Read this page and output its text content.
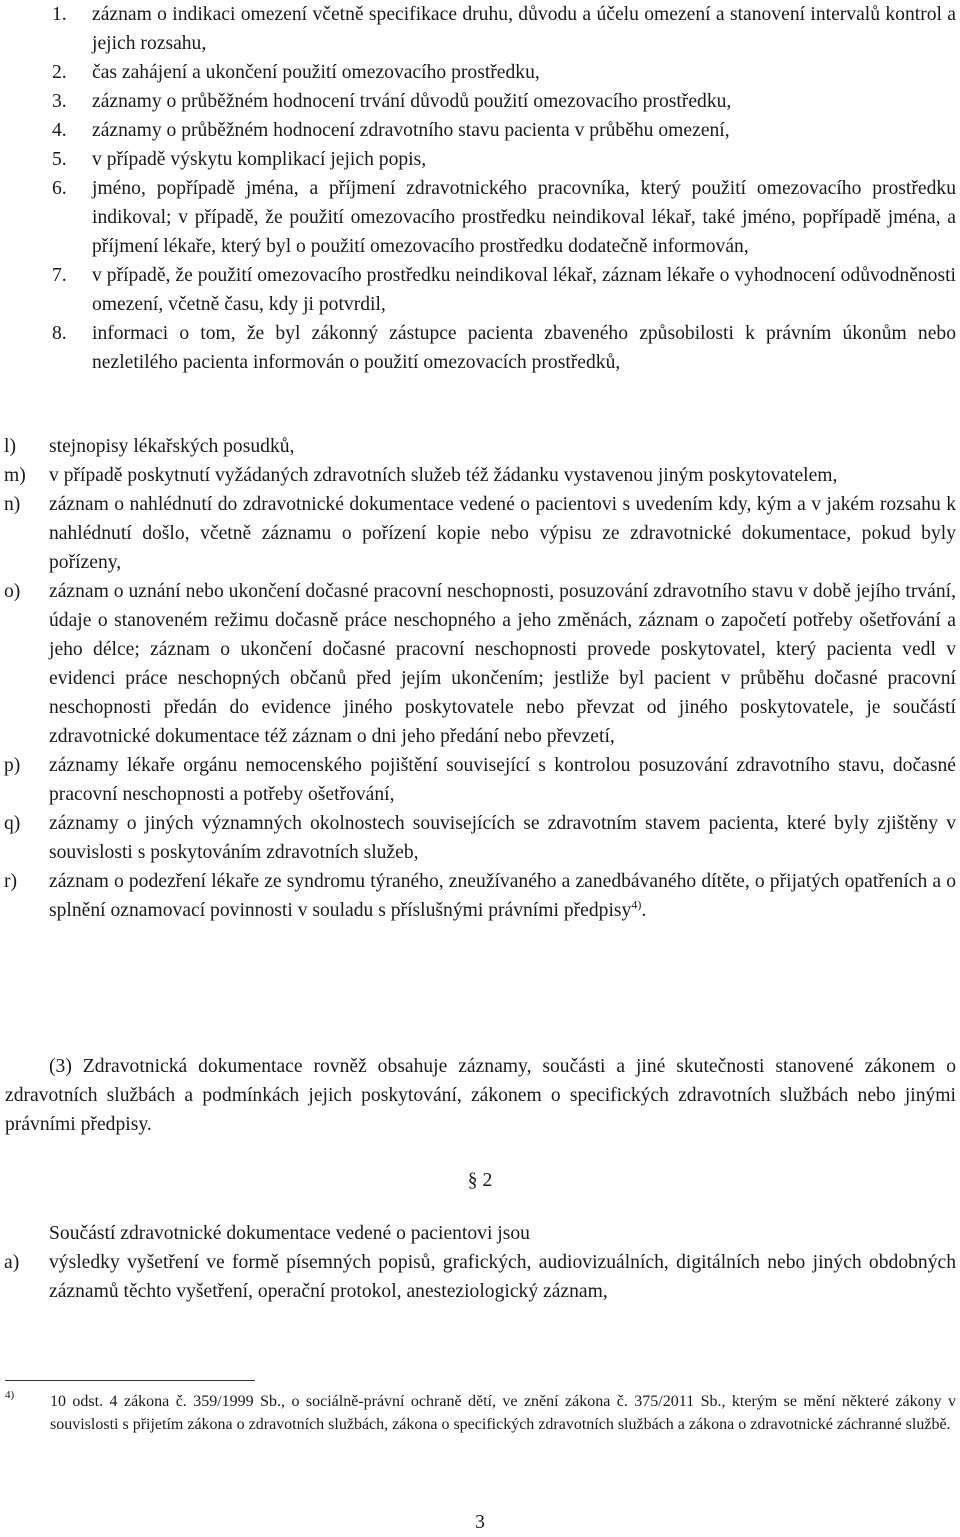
1. záznam o indikaci omezení včetně specifikace druhu, důvodu a účelu omezení a stanovení intervalů kontrol a jejich rozsahu,
2. čas zahájení a ukončení použití omezovacího prostředku,
3. záznamy o průběžném hodnocení trvání důvodů použití omezovacího prostředku,
4. záznamy o průběžném hodnocení zdravotního stavu pacienta v průběhu omezení,
5. v případě výskytu komplikací jejich popis,
6. jméno, popřípadě jména, a příjmení zdravotnického pracovníka, který použití omezovacího prostředku indikoval; v případě, že použití omezovacího prostředku neindikoval lékař, také jméno, popřípadě jména, a příjmení lékaře, který byl o použití omezovacího prostředku dodatečně informován,
7. v případě, že použití omezovacího prostředku neindikoval lékař, záznam lékaře o vyhodnocení odůvodněnosti omezení, včetně času, kdy ji potvrdil,
8. informaci o tom, že byl zákonný zástupce pacienta zbaveného způsobilosti k právním úkonům nebo nezletilého pacienta informován o použití omezovacích prostředků,
l) stejnopisy lékařských posudků,
m) v případě poskytnutí vyžádaných zdravotních služeb též žádanku vystavenou jiným poskytovatelem,
n) záznam o nahlédnutí do zdravotnické dokumentace vedené o pacientovi s uvedením kdy, kým a v jakém rozsahu k nahlédnutí došlo, včetně záznamu o pořízení kopie nebo výpisu ze zdravotnické dokumentace, pokud byly pořízeny,
o) záznam o uznání nebo ukončení dočasné pracovní neschopnosti, posuzování zdravotního stavu v době jejího trvání, údaje o stanoveném režimu dočasně práce neschopného a jeho změnách, záznam o započetí potřeby ošetřování a jeho délce; záznam o ukončení dočasné pracovní neschopnosti provede poskytovatel, který pacienta vedl v evidenci práce neschopných občanů před jejím ukončením; jestliže byl pacient v průběhu dočasné pracovní neschopnosti předán do evidence jiného poskytovatele nebo převzat od jiného poskytovatele, je součástí zdravotnické dokumentace též záznam o dni jeho předání nebo převzetí,
p) záznamy lékaře orgánu nemocenského pojištění související s kontrolou posuzování zdravotního stavu, dočasné pracovní neschopnosti a potřeby ošetřování,
q) záznamy o jiných významných okolnostech souvisejících se zdravotním stavem pacienta, které byly zjištěny v souvislosti s poskytováním zdravotních služeb,
r) záznam o podezření lékaře ze syndromu týraného, zneužívaného a zanedbávaného dítěte, o přijatých opatřeních a o splnění oznamovací povinnosti v souladu s příslušnými právními předpisy$^{4)}$.
(3) Zdravotnická dokumentace rovněž obsahuje záznamy, součásti a jiné skutečnosti stanovené zákonem o zdravotních službách a podmínkách jejich poskytování, zákonem o specifických zdravotních službách nebo jinými právními předpisy.
§ 2
Součástí zdravotnické dokumentace vedené o pacientovi jsou
a) výsledky vyšetření ve formě písemných popisů, grafických, audiovizuálních, digitálních nebo jiných obdobných záznamů těchto vyšetření, operační protokol, anesteziologický záznam,
4)	10 odst. 4 zákona č. 359/1999 Sb., o sociálně-právní ochraně dětí, ve znění zákona č. 375/2011 Sb., kterým se mění některé zákony v souvislosti s přijetím zákona o zdravotních službách, zákona o specifických zdravotních službách a zákona o zdravotnické záchranné službě.
3
